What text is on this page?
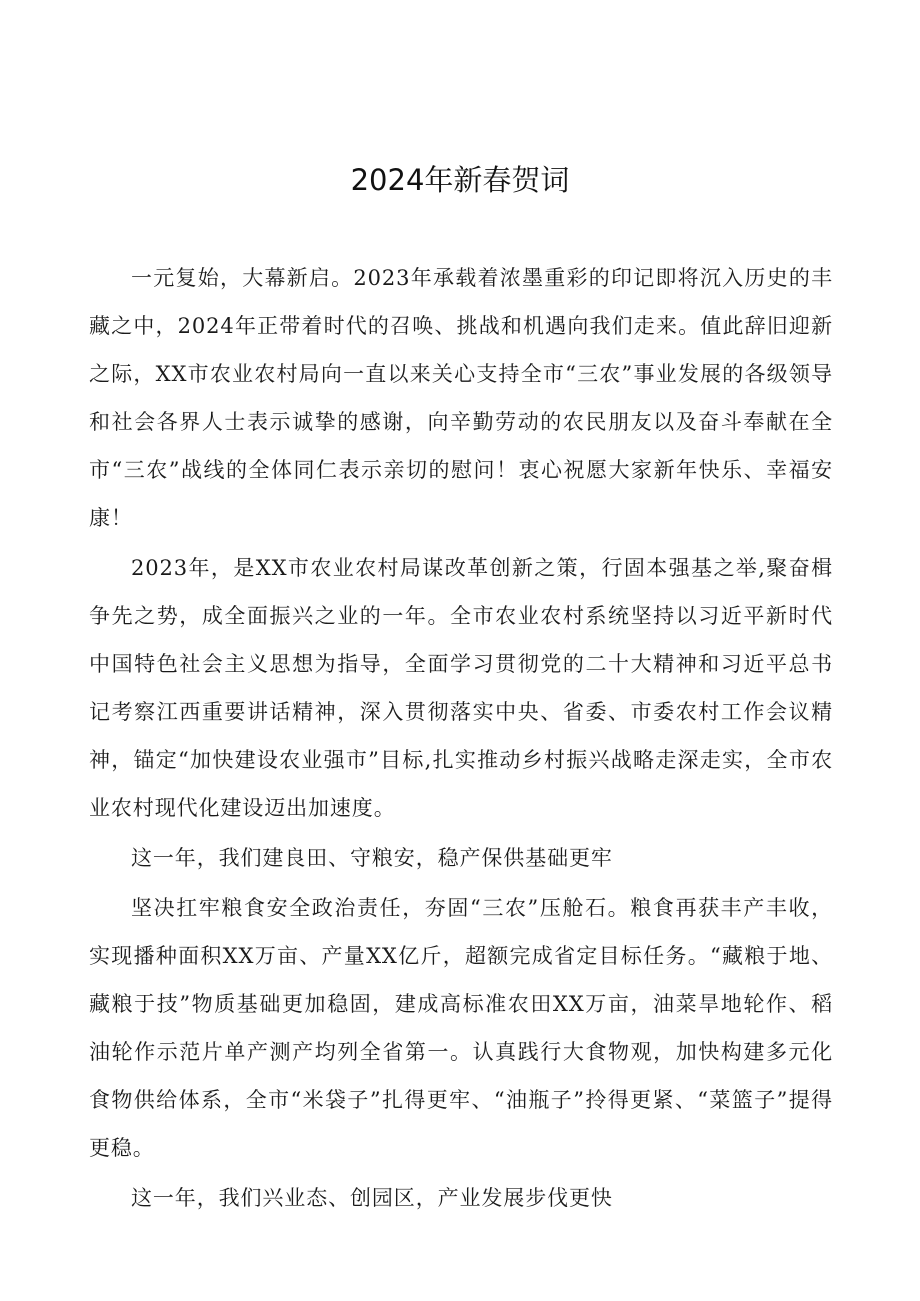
2024年新春贺词

一元复始，大幕新启。2023年承载着浓墨重彩的印记即将沉入历史的丰藏之中，2024年正带着时代的召唤、挑战和机遇向我们走来。值此辞旧迎新之际，XX市农业农村局向一直以来关心支持全市“三农”事业发展的各级领导和社会各界人士表示诚挚的感谢，向辛勤劳动的农民朋友以及奋斗奉献在全市“三农”战线的全体同仁表示亲切的慰问！衷心祝愿大家新年快乐、幸福安康！

2023年，是XX市农业农村局谋改革创新之策，行固本强基之举,聚奋楫争先之势，成全面振兴之业的一年。全市农业农村系统坚持以习近平新时代中国特色社会主义思想为指导，全面学习贯彻党的二十大精神和习近平总书记考察江西重要讲话精神，深入贯彻落实中央、省委、市委农村工作会议精神，锚定“加快建设农业强市”目标,扎实推动乡村振兴战略走深走实，全市农业农村现代化建设迈出加速度。

这一年，我们建良田、守粮安，稳产保供基础更牢

坚决扛牢粮食安全政治责任，夯固“三农”压舱石。粮食再获丰产丰收，实现播种面积XX万亩、产量XX亿斤，超额完成省定目标任务。“藏粮于地、藏粮于技”物质基础更加稳固，建成高标准农田XX万亩，油菜旱地轮作、稻油轮作示范片单产测产均列全省第一。认真践行大食物观，加快构建多元化食物供给体系，全市“米袋子”扎得更牢、“油瓶子”拎得更紧、“菜篮子”提得更稳。

这一年，我们兴业态、创园区，产业发展步伐更快
